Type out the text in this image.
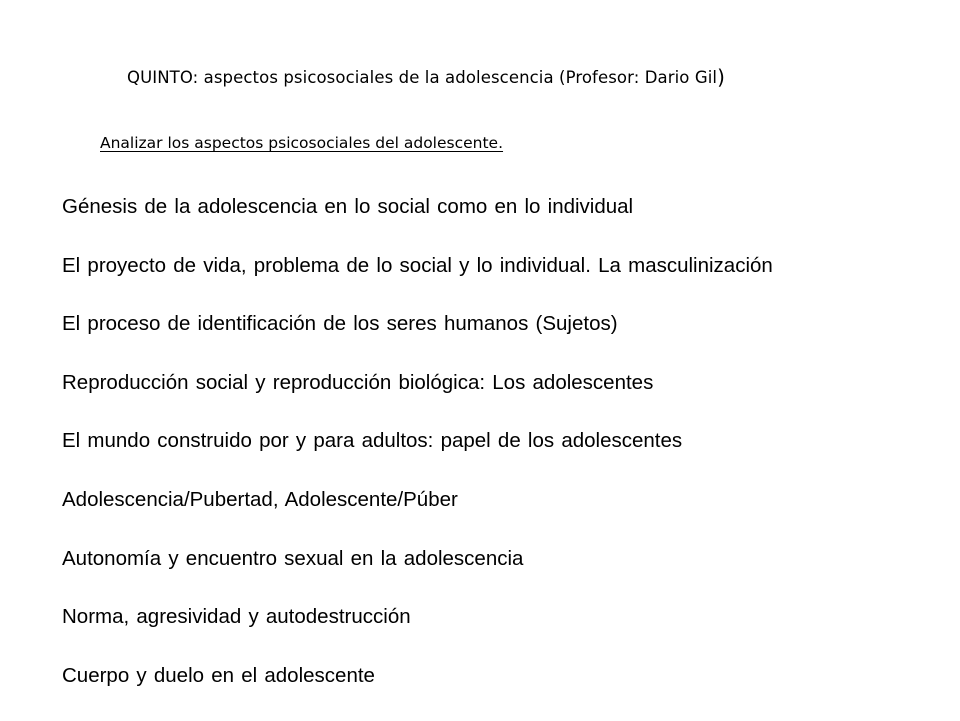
QUINTO: aspectos psicosociales de la adolescencia (Profesor: Dario Gil)
Analizar los aspectos psicosociales del adolescente.
Génesis de la adolescencia en lo social como en lo individual
El proyecto de vida, problema de lo social y lo individual. La masculinización
El proceso de identificación de los seres humanos (Sujetos)
Reproducción social y reproducción biológica: Los adolescentes
El mundo construido por y para adultos: papel de los adolescentes
Adolescencia/Pubertad, Adolescente/Púber
Autonomía y encuentro sexual en la adolescencia
Norma, agresividad y autodestrucción
Cuerpo y duelo en el adolescente
